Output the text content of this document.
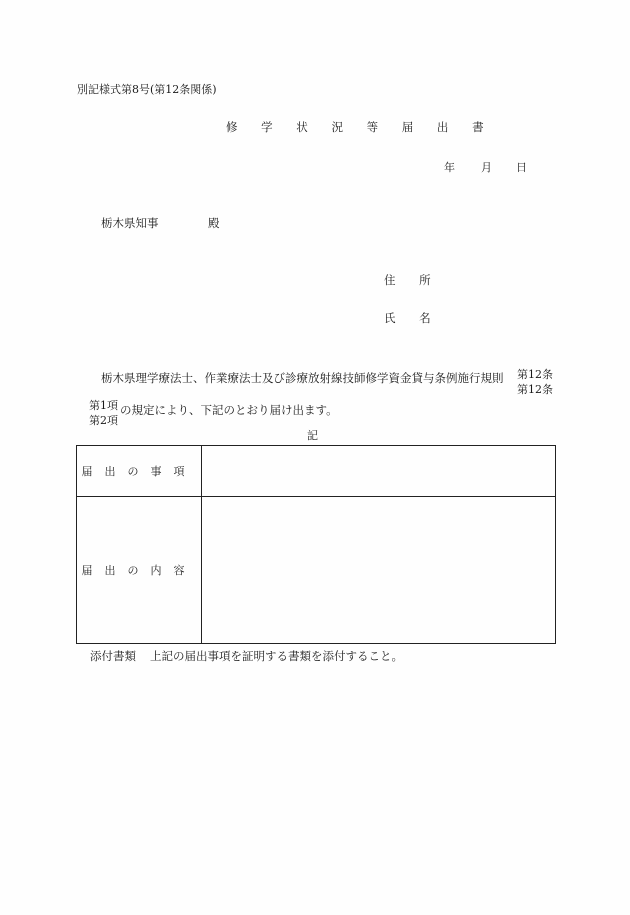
別記様式第8号(第12条関係)
修 学 状 況 等 届 出 書
年 月 日
栃木県知事	殿
住 所
氏 名
栃木県理学療法士、作業療法士及び診療放射線技師修学資金貸与条例施行規則 第12条
第12条
第1項
第2項
の規定により、下記のとおり届け出ます。
記
届出の事項	
届出の内容	
添付書類 上記の届出事項を証明する書類を添付すること。
